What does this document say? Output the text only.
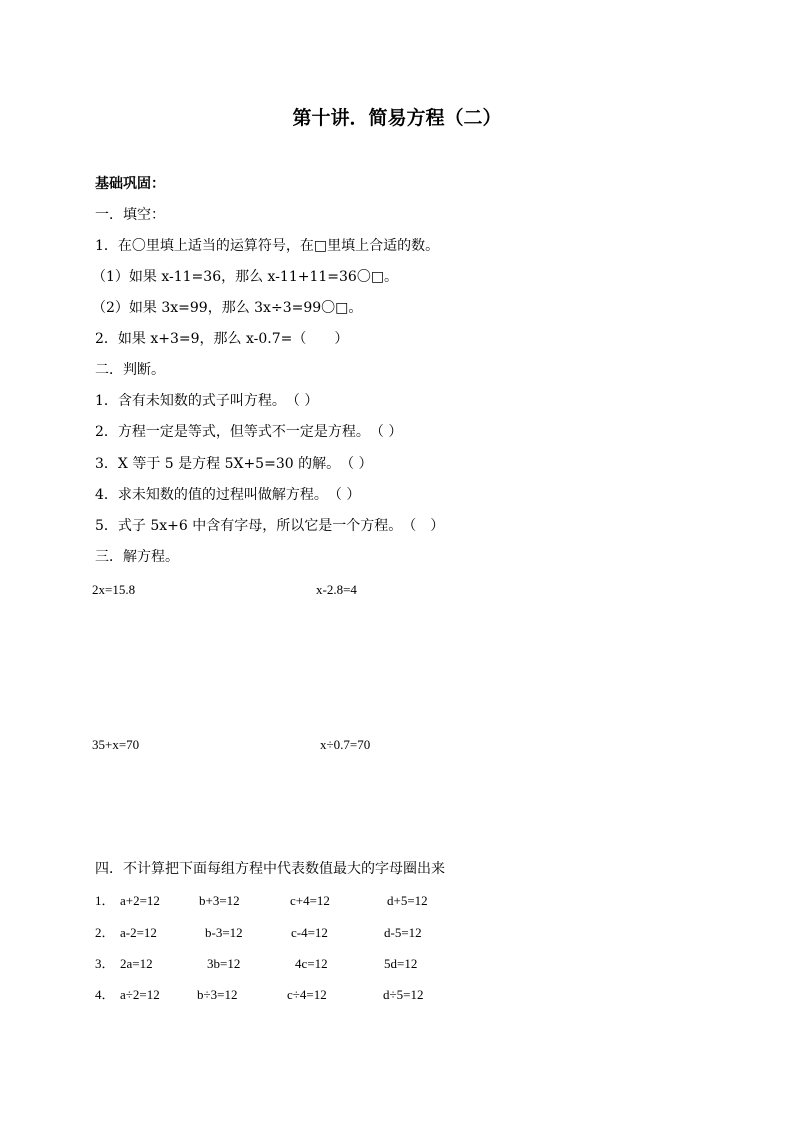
第十讲．简易方程（二）
基础巩固：
一．填空：
1．在〇里填上适当的运算符号，在□里填上合适的数。
（1）如果 x-11=36，那么 x-11+11=36〇□。
（2）如果 3x=99，那么 3x÷3=99〇□。
2．如果 x+3=9，那么 x-0.7=（　　）
二．判断。
1．含有未知数的式子叫方程。　（ ）
2．方程一定是等式，但等式不一定是方程。　（ ）
3．X 等于 5 是方程 5X+5=30 的解。　（ ）
4．求未知数的值的过程叫做解方程。　（ ）
5．式子 5x+6 中含有字母，所以它是一个方程。　（　）
三．解方程。
2x=15.8	x-2.8=4
35+x=70	x÷0.7=70
四．不计算把下面每组方程中代表数值最大的字母圈出来
1． a+2=12	b+3=12	c+4=12	d+5=12
2． a-2=12	b-3=12	c-4=12	d-5=12
3． 2a=12	3b=12	4c=12	5d=12
4． a÷2=12	b÷3=12	c÷4=12	d÷5=12
